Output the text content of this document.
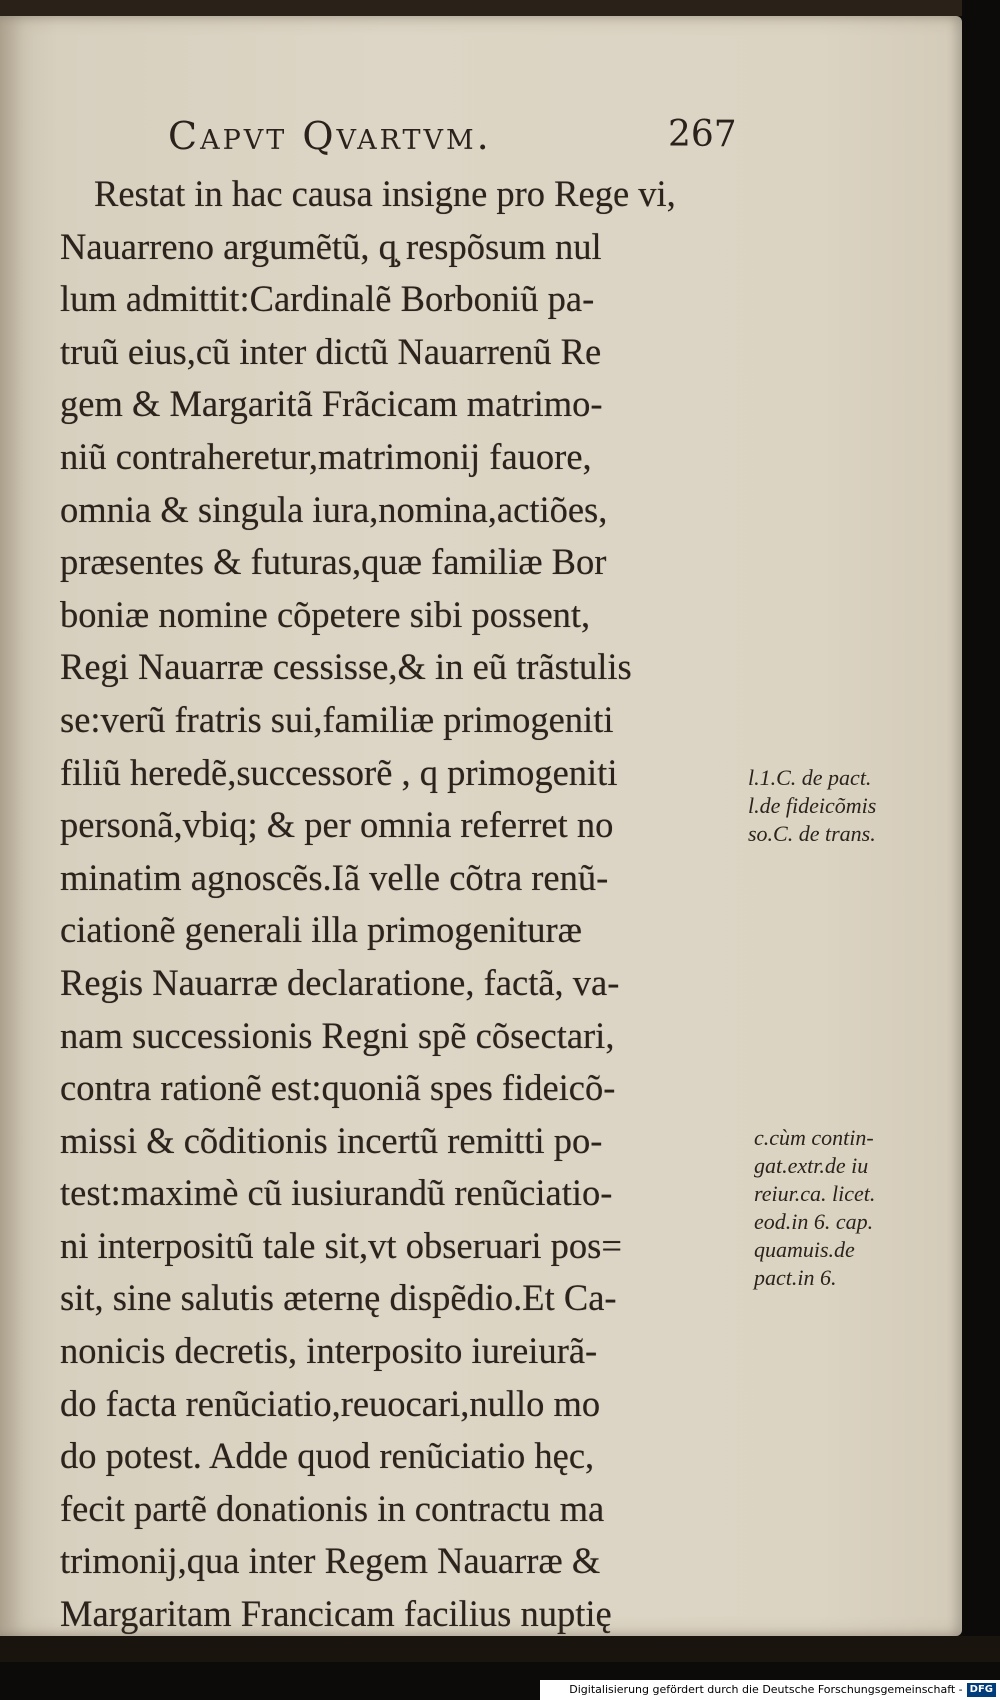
Capvt Qvartvm.	267
Restat in hac causa insigne pro Rege vi,
Nauarreno argumẽtũ, q̧ respõsum nul
lum admittit:Cardinalẽ Borboniũ pa-
truũ eius,cũ inter dictũ Nauarrenũ Re
gem & Margaritã Frãcicam matrimo-
niũ contraheretur,matrimonij fauore,
omnia & singula iura,nomina,actiões,
præsentes & futuras,quæ familiæ Bor
boniæ nomine cõpetere sibi possent,
Regi Nauarræ cessisse,& in eũ trãstulis
se:verũ fratris sui,familiæ primogeniti
filiũ heredẽ,successorẽ , q primogeniti
personã,vbiq; & per omnia referret no
minatim agnoscẽs.Iã velle cõtra renũ-
ciationẽ generali illa primogenituræ
Regis Nauarræ declaratione, factã, va-
nam successionis Regni spẽ cõsectari,
contra rationẽ est:quoniã spes fideicõ-
missi & cõditionis incertũ remitti po-
test:maximè cũ iusiurandũ renũciatio-
ni interpositũ tale sit,vt obseruari pos=
sit, sine salutis æternę dispẽdio.Et Ca-
nonicis decretis, interposito iureiurã-
do facta renũciatio,reuocari,nullo mo
do potest. Adde quod renũciatio hęc,
fecit partẽ donationis in contractu ma
trimonij,qua inter Regem Nauarræ &
Margaritam Francicam facilius nuptię
l.1.C. de pact.
l.de fideicõmis
so.C. de trans.
c.cùm contin-
gat.extr.de iu
reiur.ca. licet.
eod.in 6. cap.
quamuis.de
pact.in 6.
Digitalisierung gefördert durch die Deutsche Forschungsgemeinschaft - DFG
